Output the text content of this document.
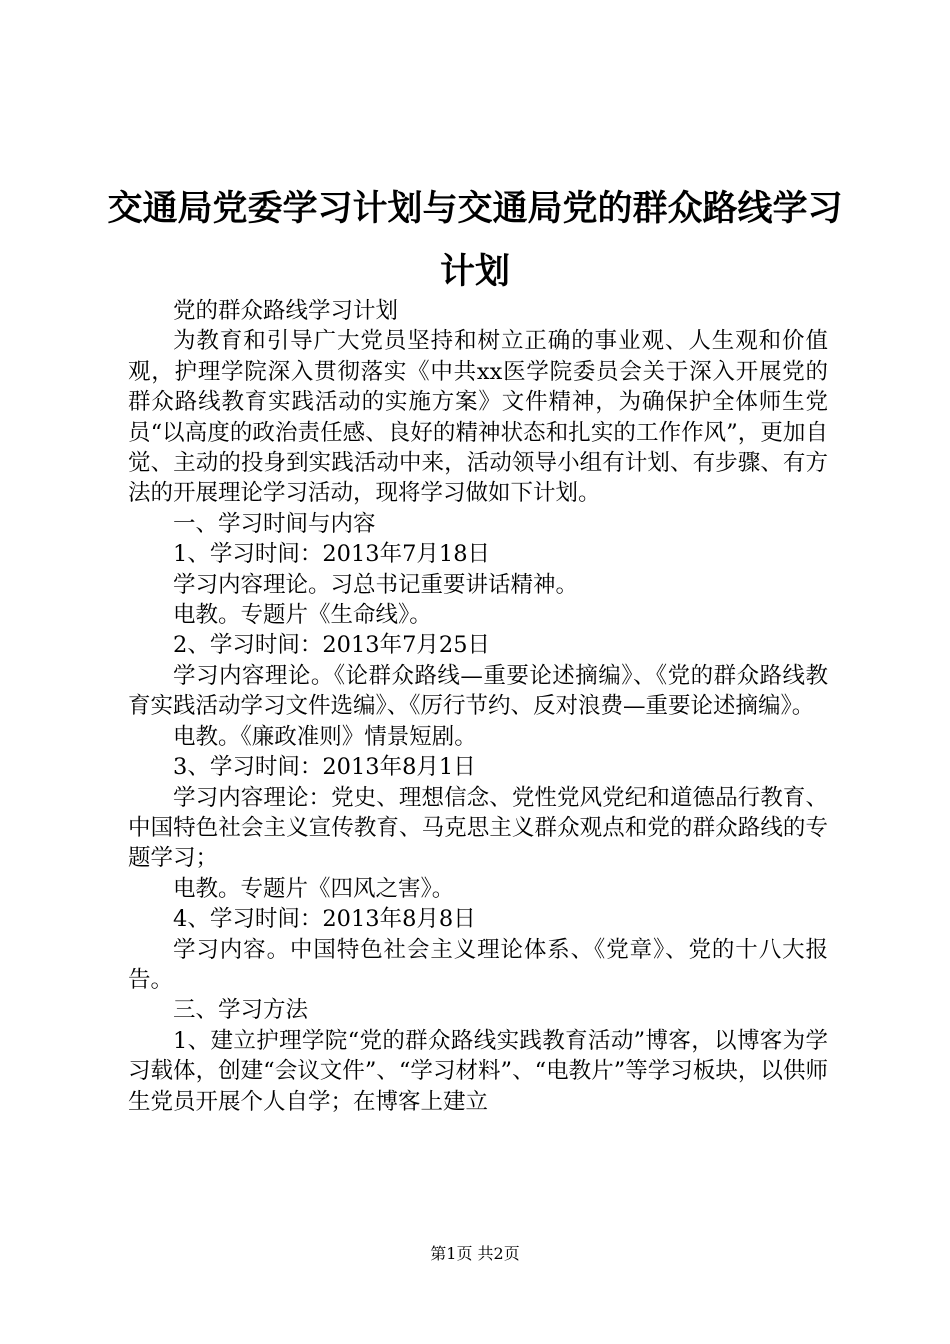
交通局党委学习计划与交通局党的群众路线学习计划

党的群众路线学习计划

为教育和引导广大党员坚持和树立正确的事业观、人生观和价值观，护理学院深入贯彻落实《中共xx医学院委员会关于深入开展党的群众路线教育实践活动的实施方案》文件精神，为确保护全体师生党员“以高度的政治责任感、良好的精神状态和扎实的工作作风”，更加自觉、主动的投身到实践活动中来，活动领导小组有计划、有步骤、有方法的开展理论学习活动，现将学习做如下计划。

一、学习时间与内容

1、学习时间：2013年7月18日

学习内容理论。习总书记重要讲话精神。

电教。专题片《生命线》。

2、学习时间：2013年7月25日

学习内容理论。《论群众路线—重要论述摘编》、《党的群众路线教育实践活动学习文件选编》、《厉行节约、反对浪费—重要论述摘编》。

电教。《廉政准则》情景短剧。

3、学习时间：2013年8月1日

学习内容理论：党史、理想信念、党性党风党纪和道德品行教育、中国特色社会主义宣传教育、马克思主义群众观点和党的群众路线的专题学习；

电教。专题片《四风之害》。

4、学习时间：2013年8月8日

学习内容。中国特色社会主义理论体系、《党章》、党的十八大报告。

三、学习方法

1、建立护理学院“党的群众路线实践教育活动”博客，以博客为学习载体，创建“会议文件”、“学习材料”、“电教片”等学习板块，以供师生党员开展个人自学；在博客上建立

第1页 共2页
